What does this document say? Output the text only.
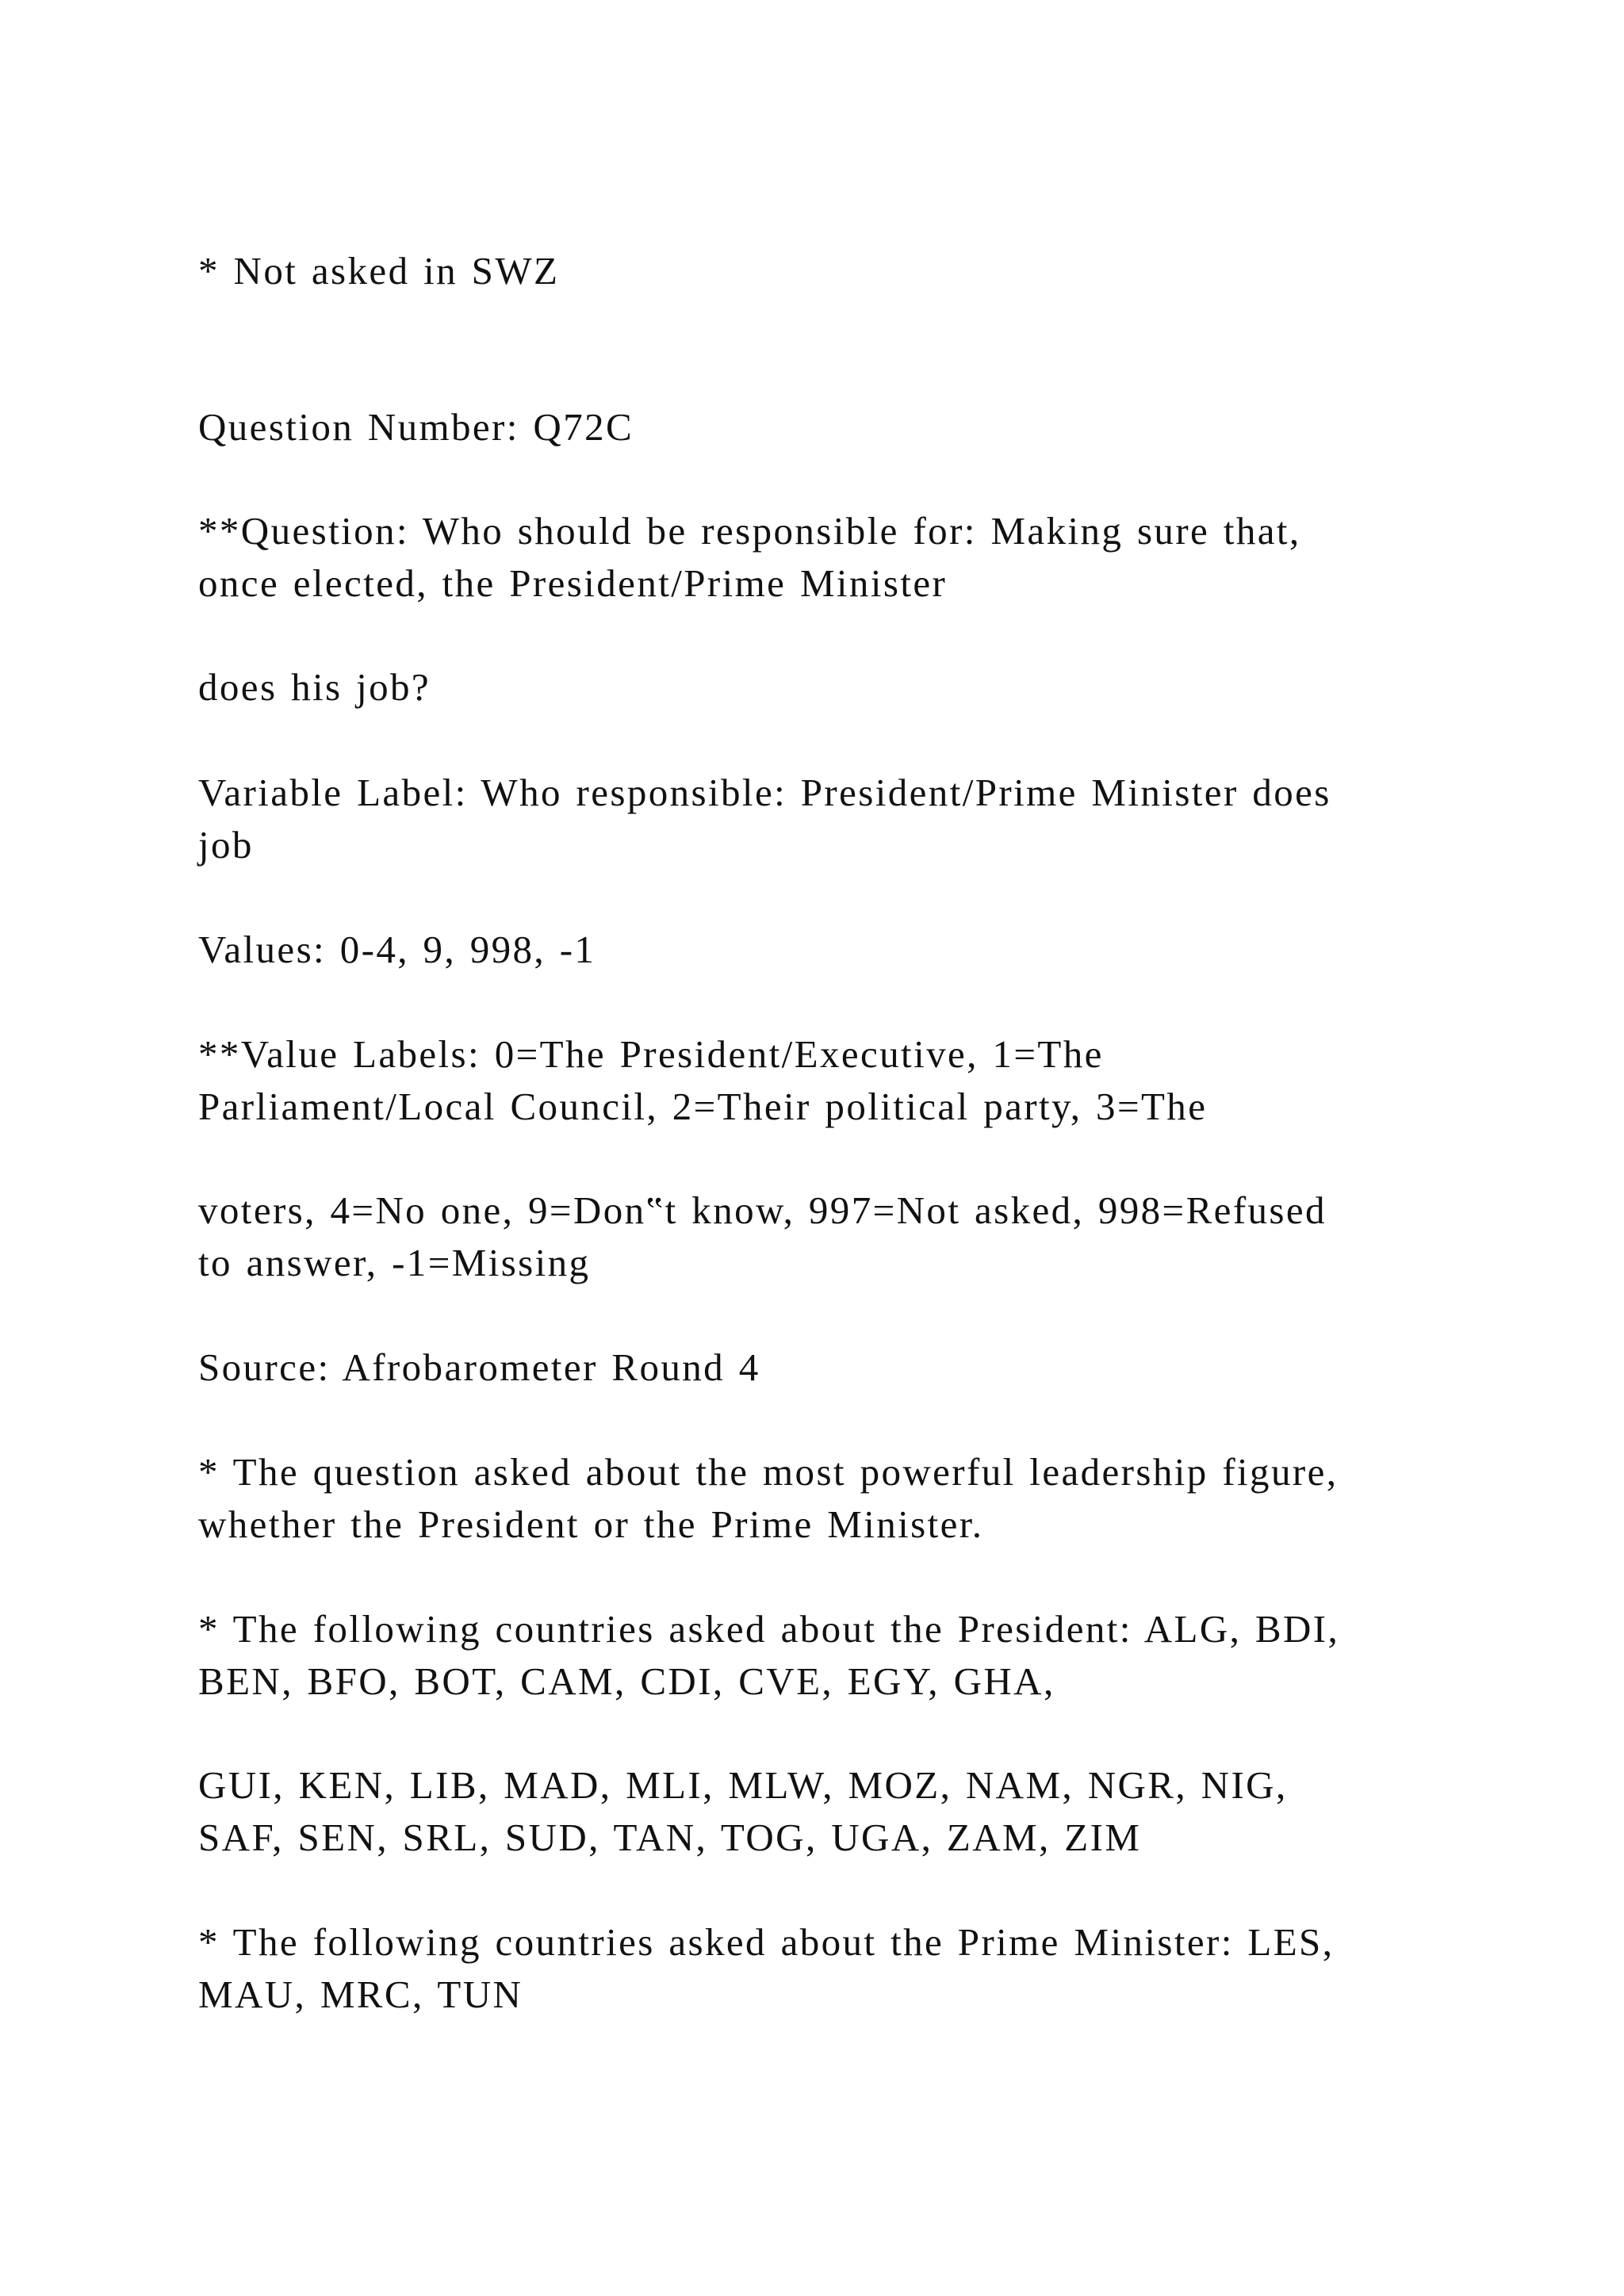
* Not asked in SWZ

Question Number: Q72C

**Question: Who should be responsible for: Making sure that,
once elected, the President/Prime Minister

does his job?

Variable Label: Who responsible: President/Prime Minister does
job

Values: 0-4, 9, 998, -1

**Value Labels: 0=The President/Executive, 1=The
Parliament/Local Council, 2=Their political party, 3=The

voters, 4=No one, 9=Don‟t know, 997=Not asked, 998=Refused
to answer, -1=Missing

Source: Afrobarometer Round 4

* The question asked about the most powerful leadership figure,
whether the President or the Prime Minister.

* The following countries asked about the President: ALG, BDI,
BEN, BFO, BOT, CAM, CDI, CVE, EGY, GHA,

GUI, KEN, LIB, MAD, MLI, MLW, MOZ, NAM, NGR, NIG,
SAF, SEN, SRL, SUD, TAN, TOG, UGA, ZAM, ZIM

* The following countries asked about the Prime Minister: LES,
MAU, MRC, TUN
